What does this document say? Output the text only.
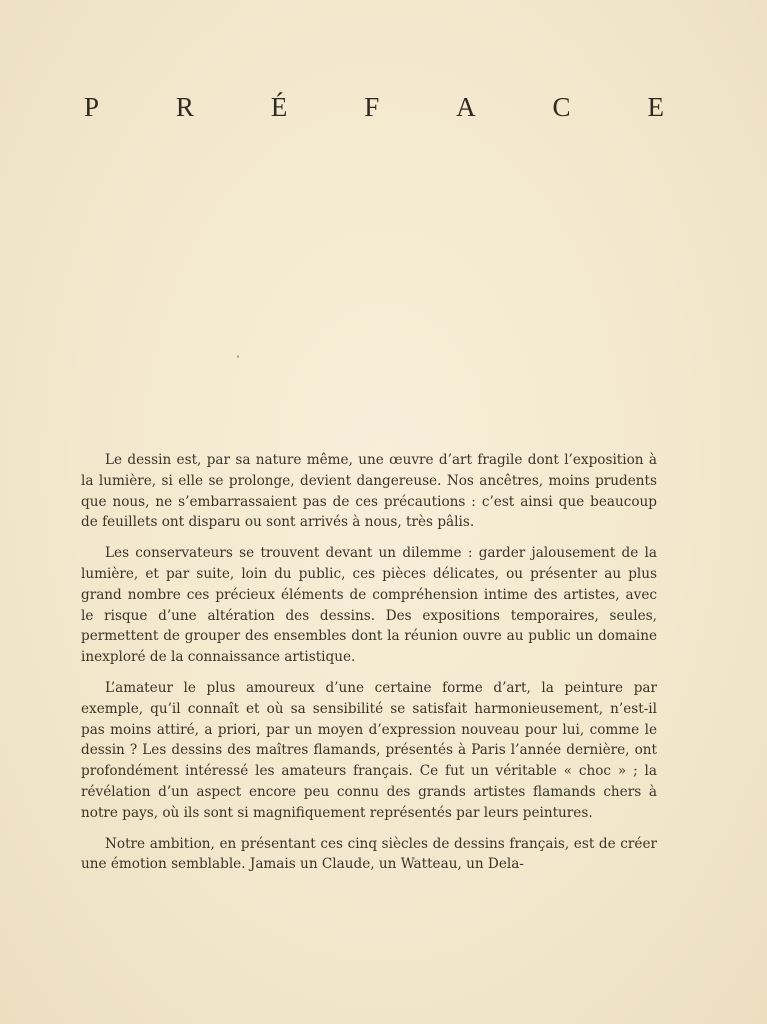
P	R	É	F	A	C	E

Le dessin est, par sa nature même, une œuvre d’art fragile dont l’exposition à la lumière, si elle se prolonge, devient dangereuse. Nos ancêtres, moins prudents que nous, ne s’embarrassaient pas de ces précautions : c’est ainsi que beaucoup de feuillets ont disparu ou sont arrivés à nous, très pâlis.

Les conservateurs se trouvent devant un dilemme : garder jalousement de la lumière, et par suite, loin du public, ces pièces délicates, ou présenter au plus grand nombre ces précieux éléments de compréhension intime des artistes, avec le risque d’une altération des dessins. Des expositions temporaires, seules, permettent de grouper des ensembles dont la réunion ouvre au public un domaine inexploré de la connaissance artistique.

L’amateur le plus amoureux d’une certaine forme d’art, la peinture par exemple, qu’il connaît et où sa sensibilité se satisfait harmonieusement, n’est-il pas moins attiré, a priori, par un moyen d’expression nouveau pour lui, comme le dessin ? Les dessins des maîtres flamands, présentés à Paris l’année dernière, ont profondément intéressé les amateurs français. Ce fut un véritable « choc » ; la révélation d’un aspect encore peu connu des grands artistes flamands chers à notre pays, où ils sont si magnifiquement représentés par leurs peintures.

Notre ambition, en présentant ces cinq siècles de dessins français, est de créer une émotion semblable. Jamais un Claude, un Watteau, un Dela-
